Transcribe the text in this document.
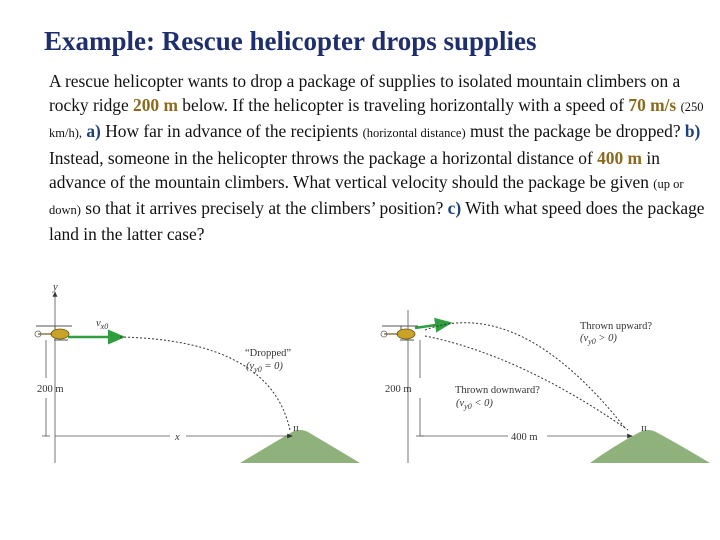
Example: Rescue helicopter drops supplies
A rescue helicopter wants to drop a package of supplies to isolated mountain climbers on a rocky ridge 200 m below. If the helicopter is traveling horizontally with a speed of 70 m/s (250 km/h), a) How far in advance of the recipients (horizontal distance) must the package be dropped? b) Instead, someone in the helicopter throws the package a horizontal distance of 400 m in advance of the mountain climbers. What vertical velocity should the package be given (up or down) so that it arrives precisely at the climbers’ position? c) With what speed does the package land in the latter case?
y
$v_{x0}$
“Dropped”
$(v_{y0} = 0)$
ɪɪ
200 m
x
Thrown upward?
$(v_{y0} > 0)$
Thrown downward?
$(v_{y0} < 0)$
ɪɪ
200 m
400 m
